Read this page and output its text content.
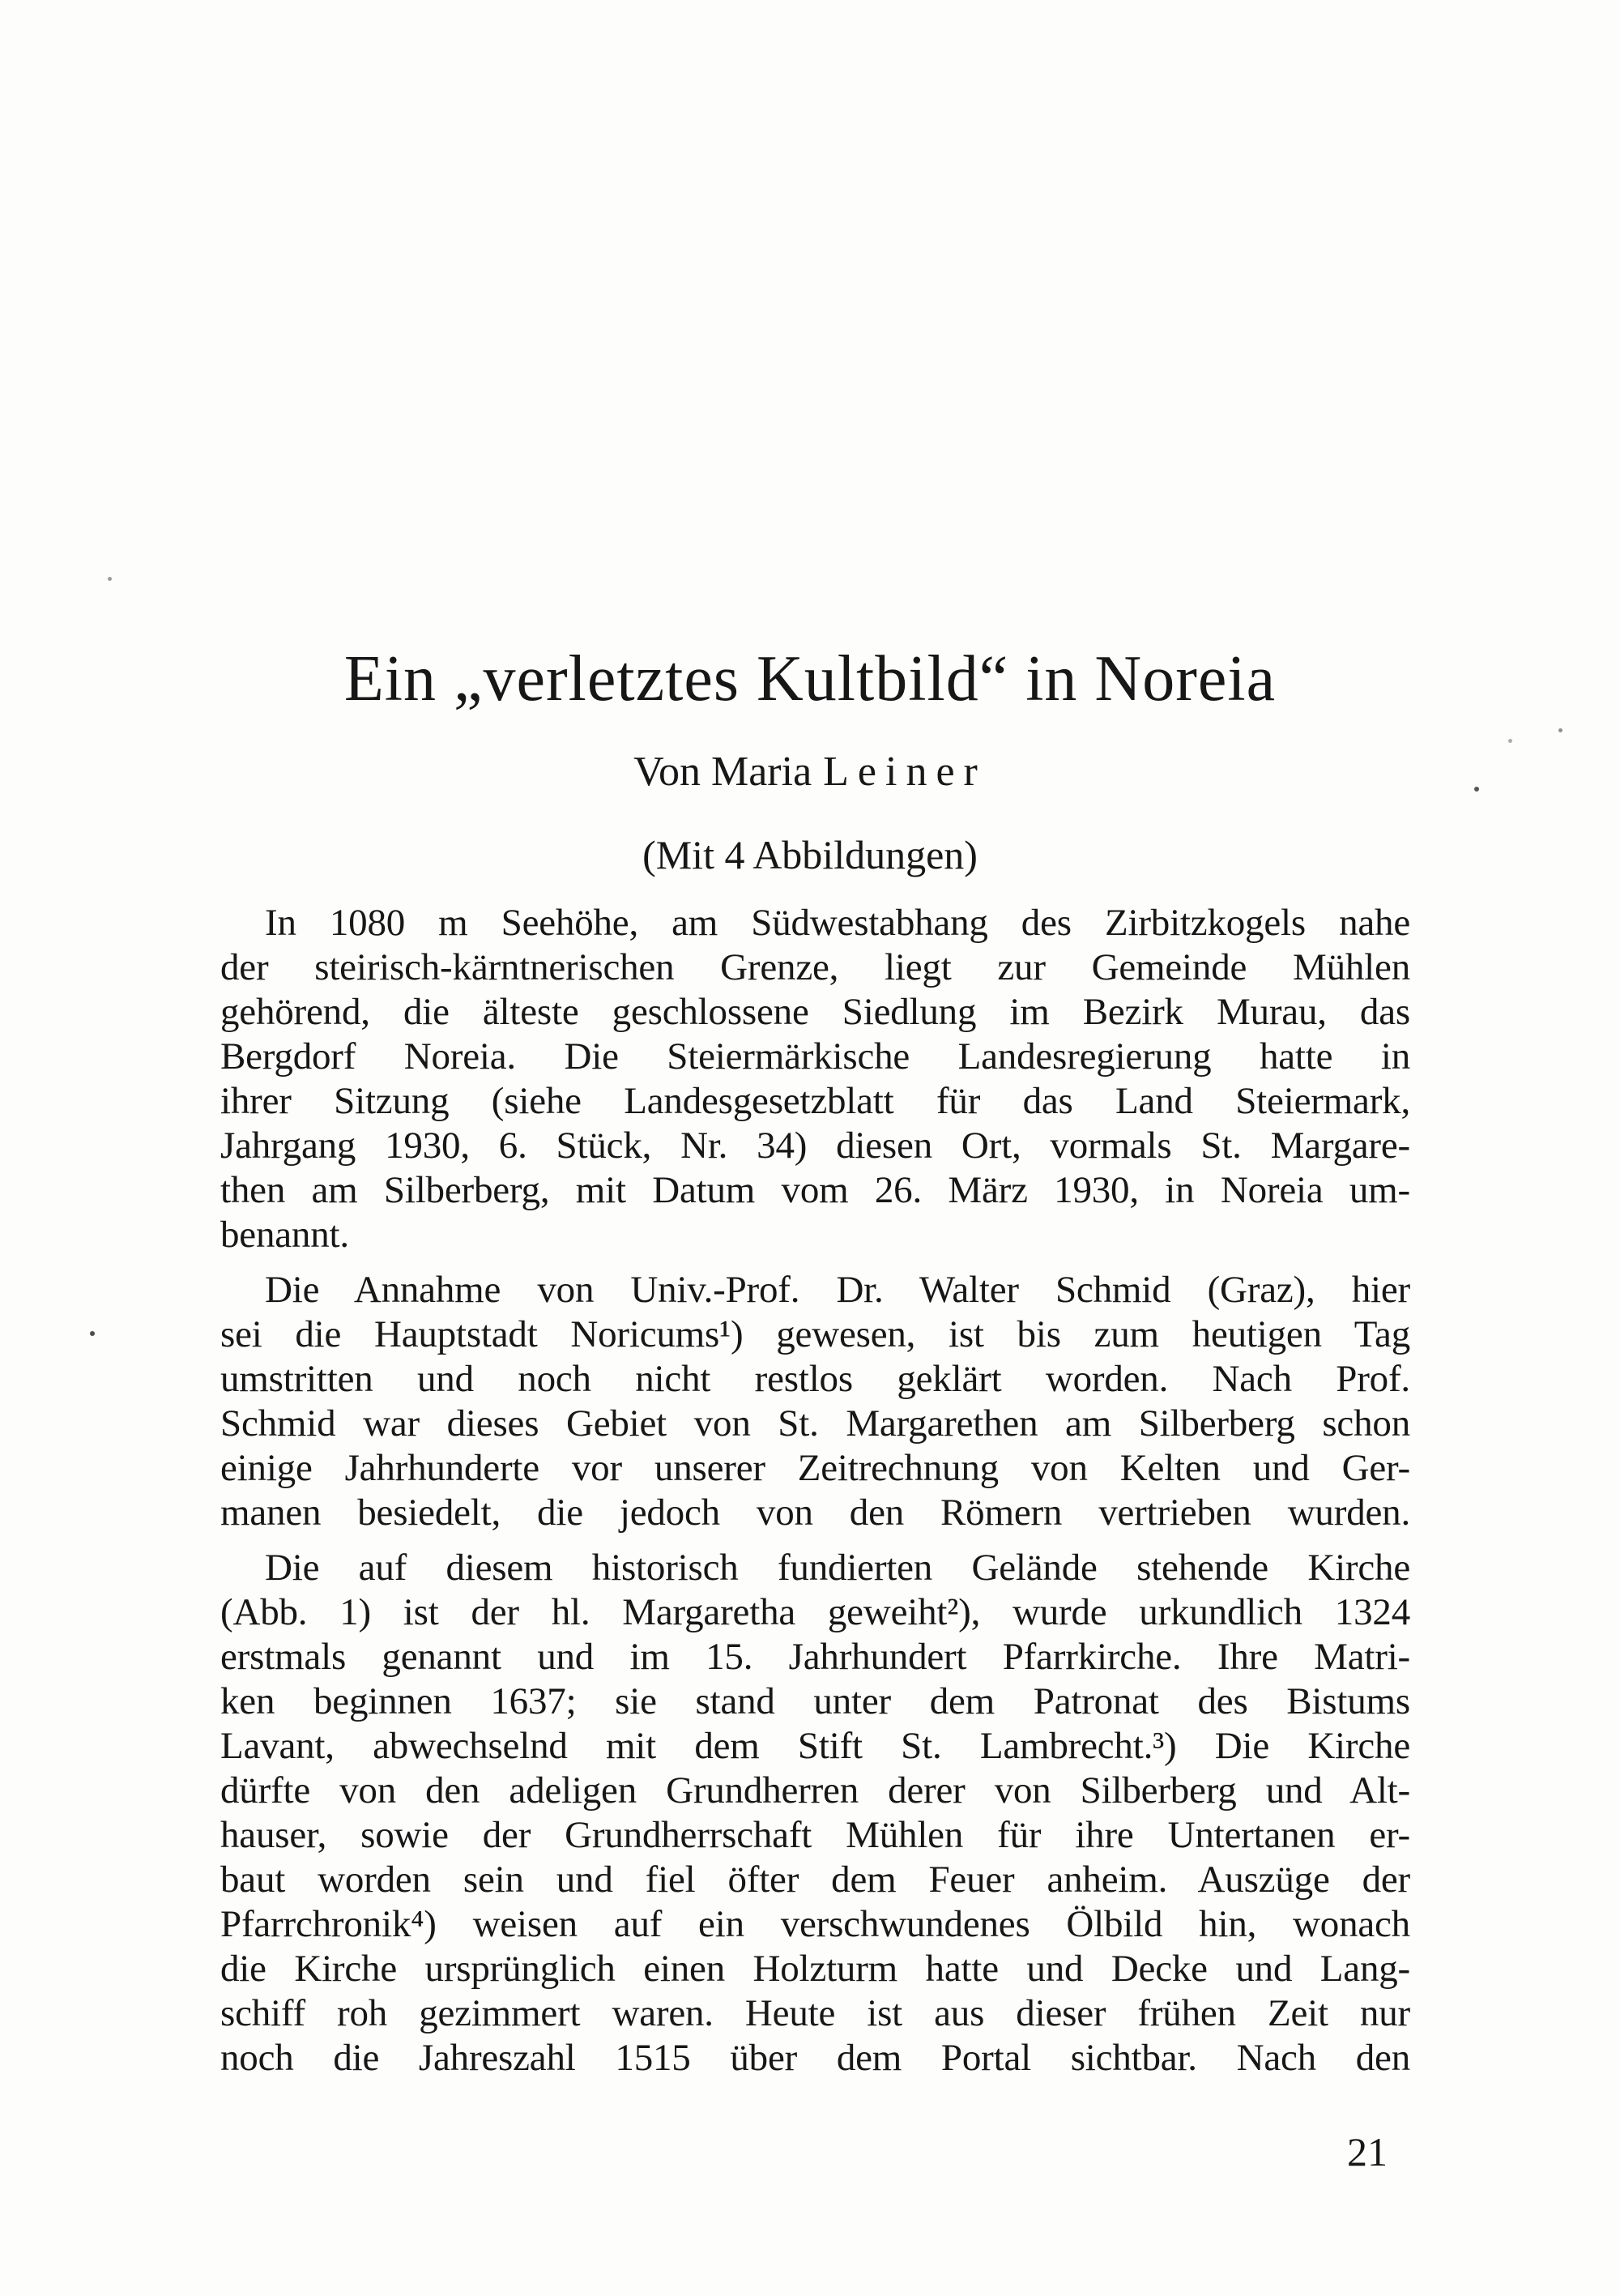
Ein „verletztes Kultbild“ in Noreia
Von Maria Leiner
(Mit 4 Abbildungen)
In 1080 m Seehöhe, am Südwestabhang des Zirbitzkogels nahe
der steirisch-kärntnerischen Grenze, liegt zur Gemeinde Mühlen
gehörend, die älteste geschlossene Siedlung im Bezirk Murau, das
Bergdorf Noreia. Die Steiermärkische Landesregierung hatte in
ihrer Sitzung (siehe Landesgesetzblatt für das Land Steiermark,
Jahrgang 1930, 6. Stück, Nr. 34) diesen Ort, vormals St. Margare-
then am Silberberg, mit Datum vom 26. März 1930, in Noreia um-
benannt.
Die Annahme von Univ.-Prof. Dr. Walter Schmid (Graz), hier
sei die Hauptstadt Noricums¹) gewesen, ist bis zum heutigen Tag
umstritten und noch nicht restlos geklärt worden. Nach Prof.
Schmid war dieses Gebiet von St. Margarethen am Silberberg schon
einige Jahrhunderte vor unserer Zeitrechnung von Kelten und Ger-
manen besiedelt, die jedoch von den Römern vertrieben wurden.
Die auf diesem historisch fundierten Gelände stehende Kirche
(Abb. 1) ist der hl. Margaretha geweiht²), wurde urkundlich 1324
erstmals genannt und im 15. Jahrhundert Pfarrkirche. Ihre Matri-
ken beginnen 1637; sie stand unter dem Patronat des Bistums
Lavant, abwechselnd mit dem Stift St. Lambrecht.³) Die Kirche
dürfte von den adeligen Grundherren derer von Silberberg und Alt-
hauser, sowie der Grundherrschaft Mühlen für ihre Untertanen er-
baut worden sein und fiel öfter dem Feuer anheim. Auszüge der
Pfarrchronik⁴) weisen auf ein verschwundenes Ölbild hin, wonach
die Kirche ursprünglich einen Holzturm hatte und Decke und Lang-
schiff roh gezimmert waren. Heute ist aus dieser frühen Zeit nur
noch die Jahreszahl 1515 über dem Portal sichtbar. Nach den
21
